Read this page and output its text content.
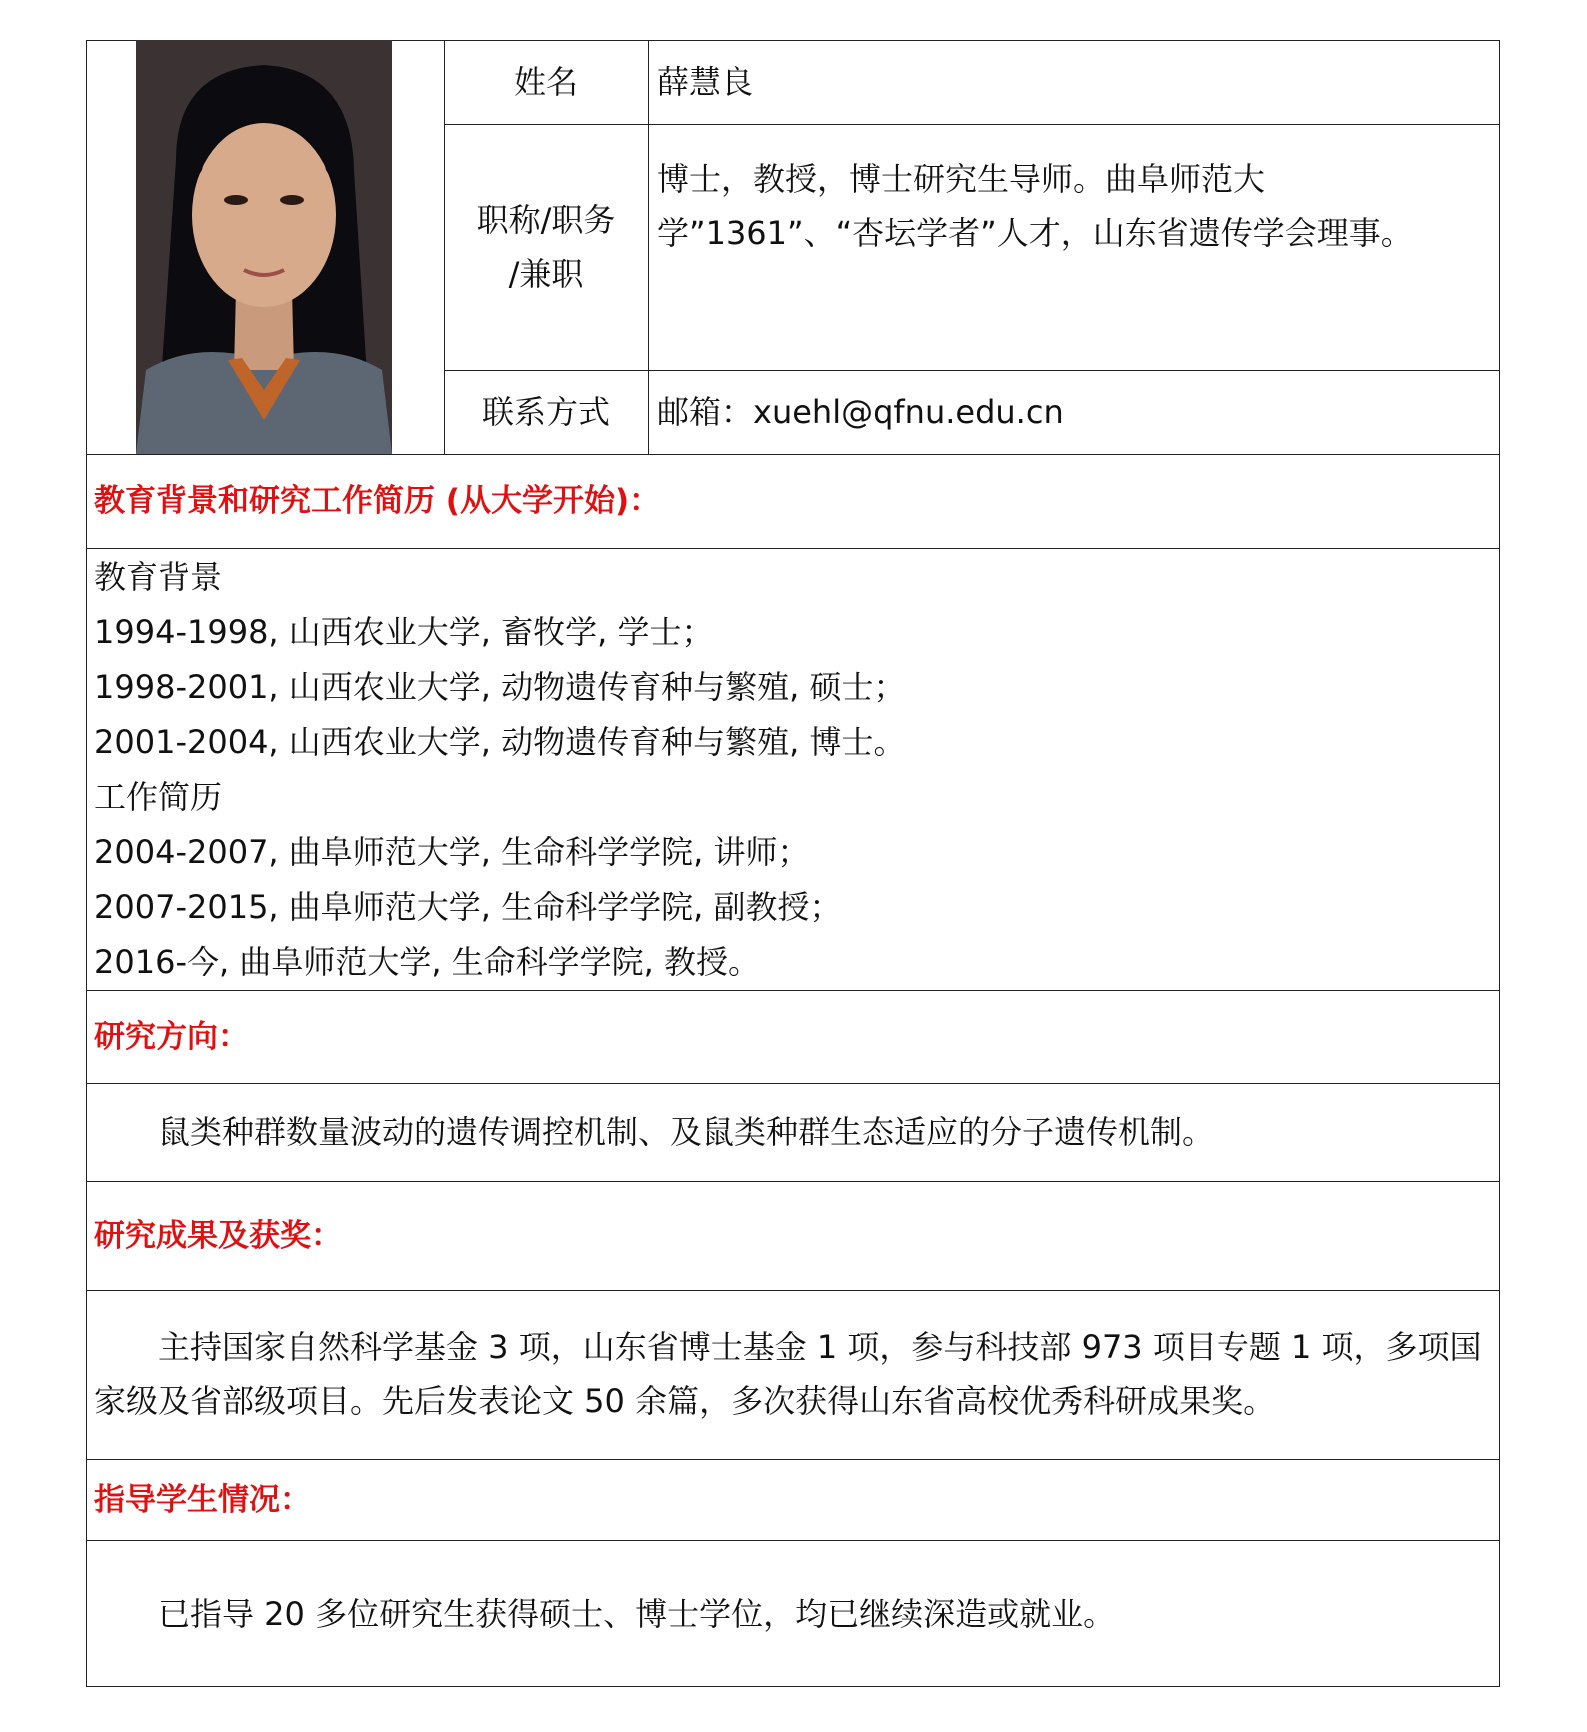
姓名	薛慧良
职称/职务
/兼职
博士，教授，博士研究生导师。曲阜师范大学”1361”、“杏坛学者”人才，山东省遗传学会理事。
联系方式	邮箱：xuehl@qfnu.edu.cn
教育背景和研究工作简历 (从大学开始)：
教育背景
1994-1998, 山西农业大学, 畜牧学, 学士；
1998-2001, 山西农业大学, 动物遗传育种与繁殖, 硕士；
2001-2004, 山西农业大学, 动物遗传育种与繁殖, 博士。
工作简历
2004-2007, 曲阜师范大学, 生命科学学院, 讲师；
2007-2015, 曲阜师范大学, 生命科学学院, 副教授；
2016-今, 曲阜师范大学, 生命科学学院, 教授。
研究方向：
鼠类种群数量波动的遗传调控机制、及鼠类种群生态适应的分子遗传机制。
研究成果及获奖：
主持国家自然科学基金 3 项，山东省博士基金 1 项，参与科技部 973 项目专题 1 项，多项国家级及省部级项目。先后发表论文 50 余篇，多次获得山东省高校优秀科研成果奖。
指导学生情况：
已指导 20 多位研究生获得硕士、博士学位，均已继续深造或就业。
